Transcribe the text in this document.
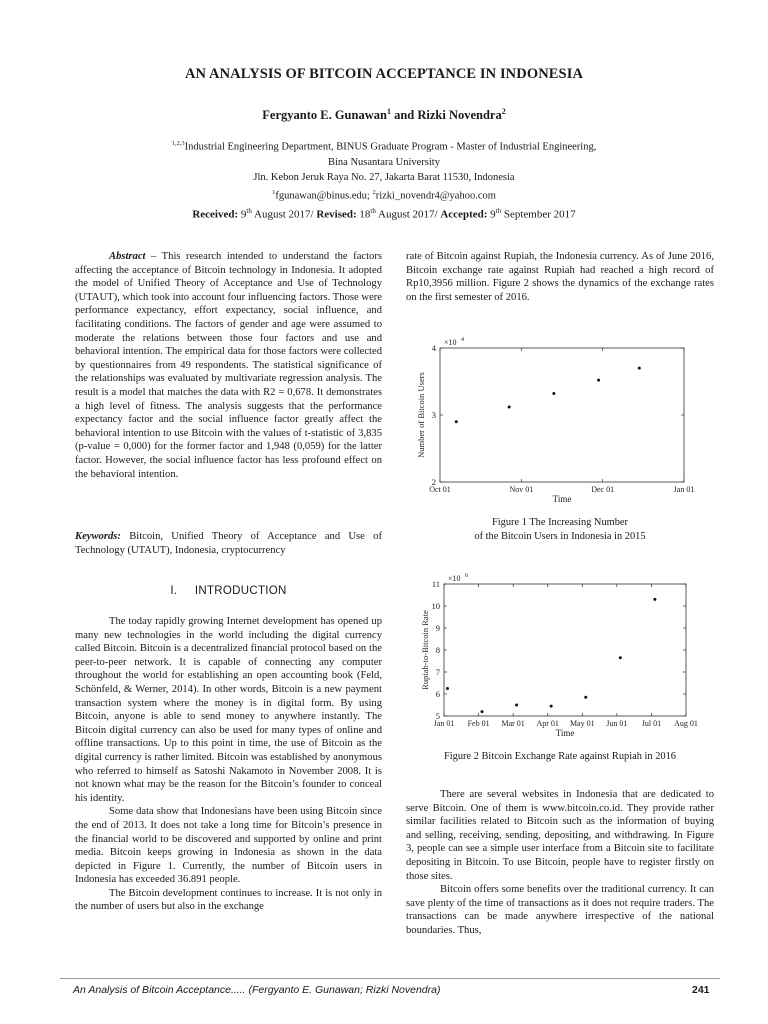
AN ANALYSIS OF BITCOIN ACCEPTANCE IN INDONESIA
Fergyanto E. Gunawan$^1$ and Rizki Novendra$^2$
$^{1,2,3}$Industrial Engineering Department, BINUS Graduate Program - Master of Industrial Engineering,
Bina Nusantara University
Jln. Kebon Jeruk Raya No. 27, Jakarta Barat 11530, Indonesia
$^1$fgunawan@binus.edu; $^2$rizki_novendr4@yahoo.com
Received: 9th August 2017/ Revised: 18th August 2017/ Accepted: 9th September 2017

Abstract – This research intended to understand the factors affecting the acceptance of Bitcoin technology in Indonesia. It adopted the model of Unified Theory of Acceptance and Use of Technology (UTAUT), which took into account four influencing factors. Those were performance expectancy, effort expectancy, social influence, and facilitating conditions. The factors of gender and age were assumed to moderate the relations between those four factors and use and behavioral intention. The empirical data for those factors were collected by questionnaires from 49 respondents. The statistical significance of the relationships was evaluated by multivariate regression analysis. The result is a model that matches the data with R2 = 0,678. It demonstrates a high level of fitness. The analysis suggests that the performance expectancy factor and the social influence factor greatly affect the behavioral intention to use Bitcoin with the values of t-statistic of 3,835 (p-value = 0,000) for the former factor and 1,948 (0,059) for the latter factor. However, the social influence factor has less profound effect on the behavioral intention.

Keywords: Bitcoin, Unified Theory of Acceptance and Use of Technology (UTAUT), Indonesia, cryptocurrency

I. INTRODUCTION

The today rapidly growing Internet development has opened up many new technologies in the world including the digital currency called Bitcoin. Bitcoin is a decentralized financial protocol based on the peer-to-peer network. It is capable of connecting any computer throughout the world for establishing an open accounting book (Feld, Schönfeld, & Werner, 2014). In other words, Bitcoin is a new payment transaction system where the money is in digital form. By using Bitcoin, anyone is able to send money to anywhere instantly. The Bitcoin digital currency can also be used for many types of online and offline transactions. Up to this point in time, the use of Bitcoin as the digital currency is rather limited. Bitcoin was established by anonymous who referred to himself as Satoshi Nakamoto in November 2008. It is not known what may be the reason for the Bitcoin’s founder to conceal his identity.

Some data show that Indonesians have been using Bitcoin since the end of 2013. It does not take a long time for Bitcoin’s presence in the financial world to be discovered and supported by online and print media. Bitcoin keeps growing in Indonesia as shown in the data depicted in Figure 1. Currently, the number of Bitcoin users in Indonesia has exceeded 36.891 people.

The Bitcoin development continues to increase. It is not only in the number of users but also in the exchange

rate of Bitcoin against Rupiah, the Indonesia currency. As of June 2016, Bitcoin exchange rate against Rupiah had reached a high record of Rp10,3956 million. Figure 2 shows the dynamics of the exchange rates on the first semester of 2016.

Oct 01	Nov 01	Dec 01	Jan 01
2
3
4
×10 4
Time
Number of Bitcoin Users
Figure 1 The Increasing Number
of the Bitcoin Users in Indonesia in 2015
Jan 01 Feb 01 Mar 01 Apr 01 May 01 Jun 01 Jul 01 Aug 01
5
6
7
8
9
10
11
×10 6
Time
Rupiah-to-Bitcoin Rate
Figure 2 Bitcoin Exchange Rate against Rupiah in 2016

There are several websites in Indonesia that are dedicated to serve Bitcoin. One of them is www.bitcoin.co.id. They provide rather similar facilities related to Bitcoin such as the information of buying and selling, receiving, sending, depositing, and withdrawing. In Figure 3, people can see a simple user interface from a Bitcoin site to facilitate depositing in Bitcoin. To use Bitcoin, people have to register firstly on those sites.

Bitcoin offers some benefits over the traditional currency. It can save plenty of the time of transactions as it does not require traders. The transactions can be made anywhere irrespective of the national boundaries. Thus,

An Analysis of Bitcoin Acceptance..... (Fergyanto E. Gunawan; Rizki Novendra)	241
